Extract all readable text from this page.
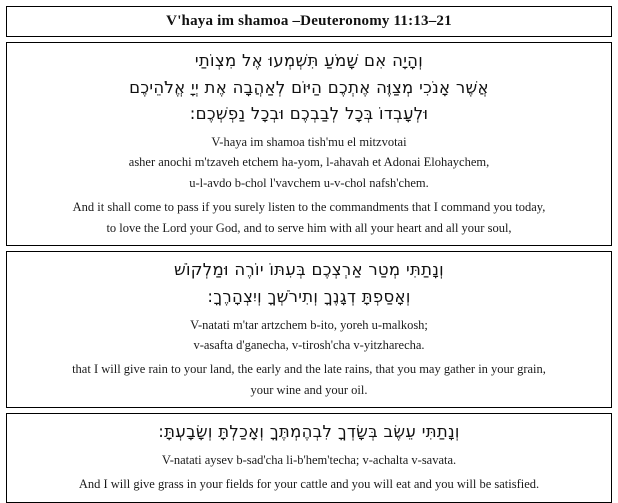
V'haya im shamoa –Deuteronomy 11:13–21
וְהָיָה אִם שָׁמֹעַ תִּשְׁמְעוּ אֶל מִצְוֹתַי
אֲשֶׁר אָנֹכִי מְצַוֶּה אֶתְכֶם הַיּוֹם לְאַהֲבָה אֶת יְיָ אֱלֹהֵיכֶם
וּלְעָבְדוֹ בְּכָל לְבַבְכֶם וּבְכָל נַפְשְׁכֶם:
V-haya im shamoa tish'mu el mitzvotai
asher anochi m'tzaveh etchem ha-yom, l-ahavah et Adonai Elohaychem,
u-l-avdo b-chol l'vavchem u-v-chol nafsh'chem.
And it shall come to pass if you surely listen to the commandments that I command you today,
to love the Lord your God, and to serve him with all your heart and all your soul,
וְנָתַתִּי מְטַר אַרְצְכֶם בְּעִתּוֹ יוֹרֶה וּמַלְקוֹשׁ
וְאָסַפְתָּ דְגָנֶךָ וְתִירֹשְׁךָ וְיִצְהָרֶךָ:
V-natati m'tar artzchem b-ito, yoreh u-malkosh;
v-asafta d'ganecha, v-tirosh'cha v-yitzharecha.
that I will give rain to your land, the early and the late rains, that you may gather in your grain,
your wine and your oil.
וְנָתַתִּי עֵשֶׂב בְּשָׂדְךָ לִבְהֶמְתֶּךָ וְאָכַלְתָּ וְשָׂבָעְתָּ:
V-natati aysev b-sad'cha li-b'hem'techa; v-achalta v-savata.
And I will give grass in your fields for your cattle and you will eat and you will be satisfied.
